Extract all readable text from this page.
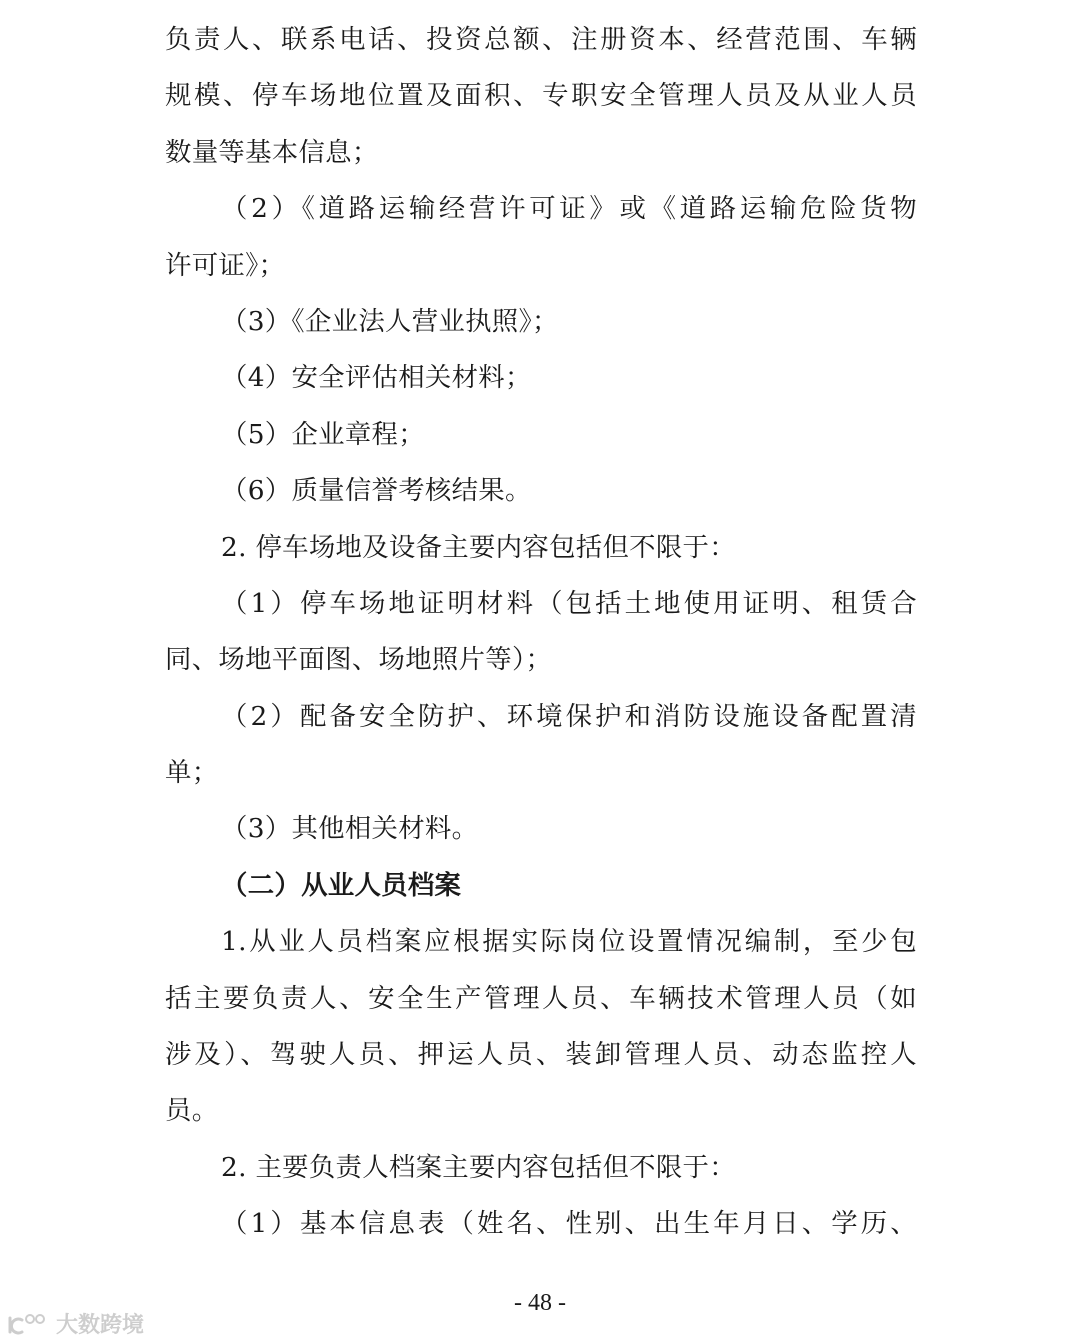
负责人、联系电话、投资总额、注册资本、经营范围、车辆
规模、停车场地位置及面积、专职安全管理人员及从业人员
数量等基本信息；
（2）《道路运输经营许可证》或《道路运输危险货物
许可证》；
（3）《企业法人营业执照》；
（4）安全评估相关材料；
（5）企业章程；
（6）质量信誉考核结果。
2. 停车场地及设备主要内容包括但不限于：
（1）停车场地证明材料（包括土地使用证明、租赁合
同、场地平面图、场地照片等）；
（2）配备安全防护、环境保护和消防设施设备配置清
单；
（3）其他相关材料。
（二）从业人员档案
1.从业人员档案应根据实际岗位设置情况编制，至少包
括主要负责人、安全生产管理人员、车辆技术管理人员（如
涉及）、驾驶人员、押运人员、装卸管理人员、动态监控人
员。
2. 主要负责人档案主要内容包括但不限于：
（1）基本信息表（姓名、性别、出生年月日、学历、
- 48 -
大数跨境
